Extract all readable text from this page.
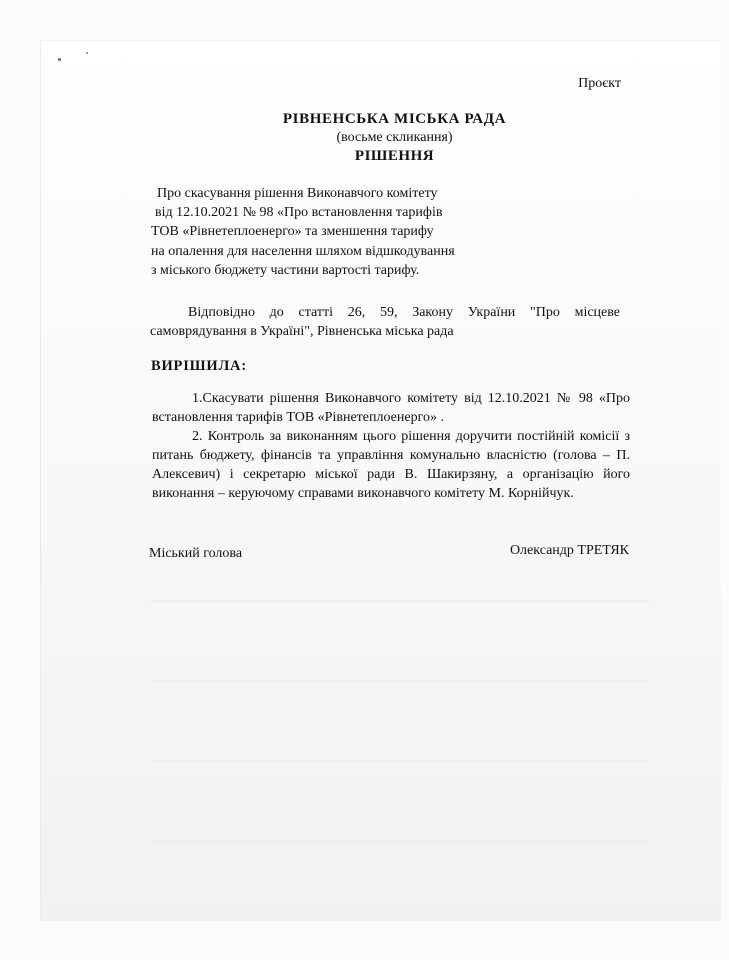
Проєкт
РІВНЕНСЬКА МІСЬКА РАДА
(восьме скликання)
РІШЕННЯ
Про скасування рішення Виконавчого комітету
від 12.10.2021 № 98 «Про встановлення тарифів
ТОВ «Рівнетеплоенерго» та зменшення тарифу
на опалення для населення шляхом відшкодування
з міського бюджету частини вартості тарифу.
Відповідно до статті 26, 59, Закону України "Про місцеве самоврядування в Україні", Рівненська міська рада
ВИРІШИЛА:
1.Скасувати рішення Виконавчого комітету від 12.10.2021 № 98 «Про встановлення тарифів ТОВ «Рівнетеплоенерго» .
2. Контроль за виконанням цього рішення доручити постійній комісії з питань бюджету, фінансів та управління комунально власністю (голова – П. Алексевич) і секретарю міської ради В. Шакирзяну, а організацію його виконання – керуючому справами виконавчого комітету М. Корнійчук.
Міський голова	Олександр ТРЕТЯК
